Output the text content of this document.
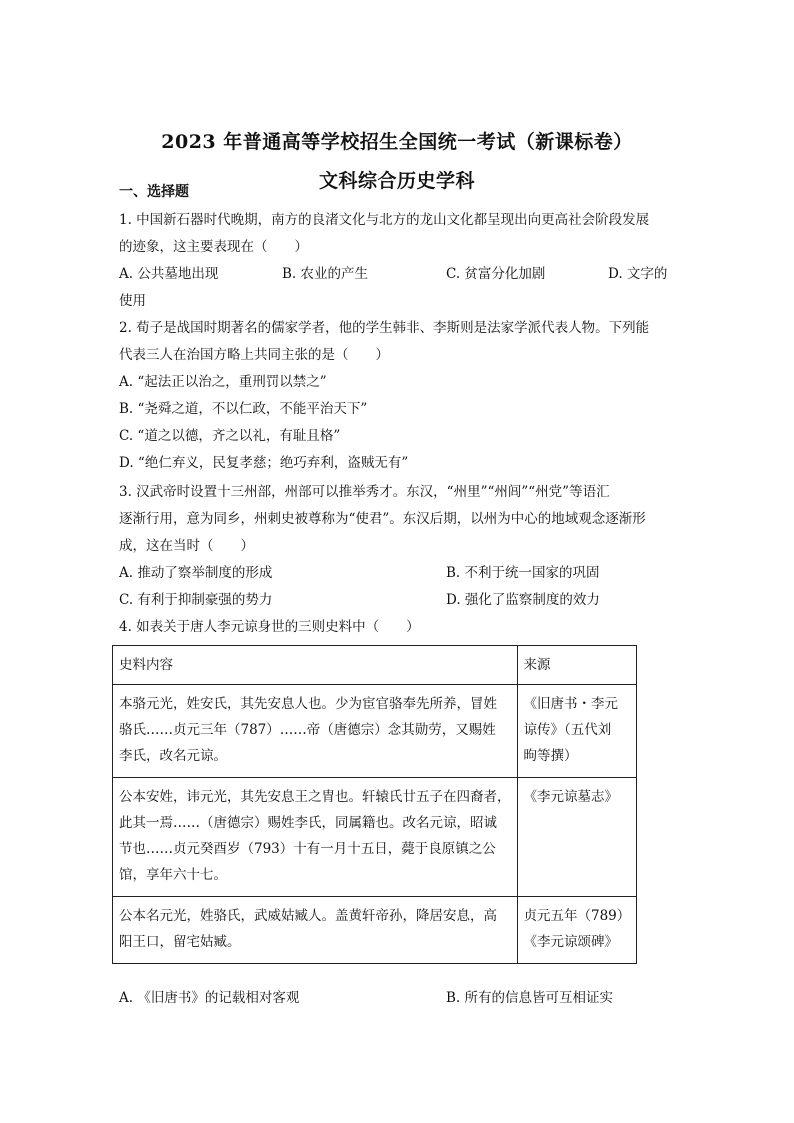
2023 年普通高等学校招生全国统一考试（新课标卷）
文科综合历史学科
一、选择题
1. 中国新石器时代晚期，南方的良渚文化与北方的龙山文化都呈现出向更高社会阶段发展
的迹象，这主要表现在（　　）
A. 公共墓地出现	B. 农业的产生	C. 贫富分化加剧	D. 文字的
使用
2. 荀子是战国时期著名的儒家学者，他的学生韩非、李斯则是法家学派代表人物。下列能
代表三人在治国方略上共同主张的是（　　）
A. “起法正以治之，重刑罚以禁之”
B. “尧舜之道，不以仁政，不能平治天下”
C. “道之以德，齐之以礼，有耻且格”
D. “绝仁弃义，民复孝慈；绝巧弃利，盗贼无有”
3. 汉武帝时设置十三州部，州部可以推举秀才。东汉，“州里”“州闾”“州党”等语汇
逐渐行用，意为同乡，州刺史被尊称为“使君”。东汉后期，以州为中心的地域观念逐渐形
成，这在当时（　　）
A. 推动了察举制度的形成	B. 不利于统一国家的巩固
C. 有利于抑制豪强的势力	D. 强化了监察制度的效力
4. 如表关于唐人李元谅身世的三则史料中（　　）
史料内容	来源

本骆元光，姓安氏，其先安息人也。少为宦官骆奉先所养，冒姓
骆氏……贞元三年（787）……帝（唐德宗）念其勋劳，又赐姓
李氏，改名元谅。	《旧唐书・李元
谅传》（五代刘
昫等撰）

公本安姓，讳元光，其先安息王之胄也。轩辕氏廿五子在四裔者，
此其一焉……（唐德宗）赐姓李氏，同属籍也。改名元谅，昭诚
节也……贞元癸酉岁（793）十有一月十五日，薨于良原镇之公
馆，享年六十七。	《李元谅墓志》

公本名元光，姓骆氏，武威姑臧人。盖黄轩帝孙，降居安息，高
阳王口，留宅姑臧。	贞元五年（789）
《李元谅颂碑》
A. 《旧唐书》的记载相对客观	B. 所有的信息皆可互相证实
